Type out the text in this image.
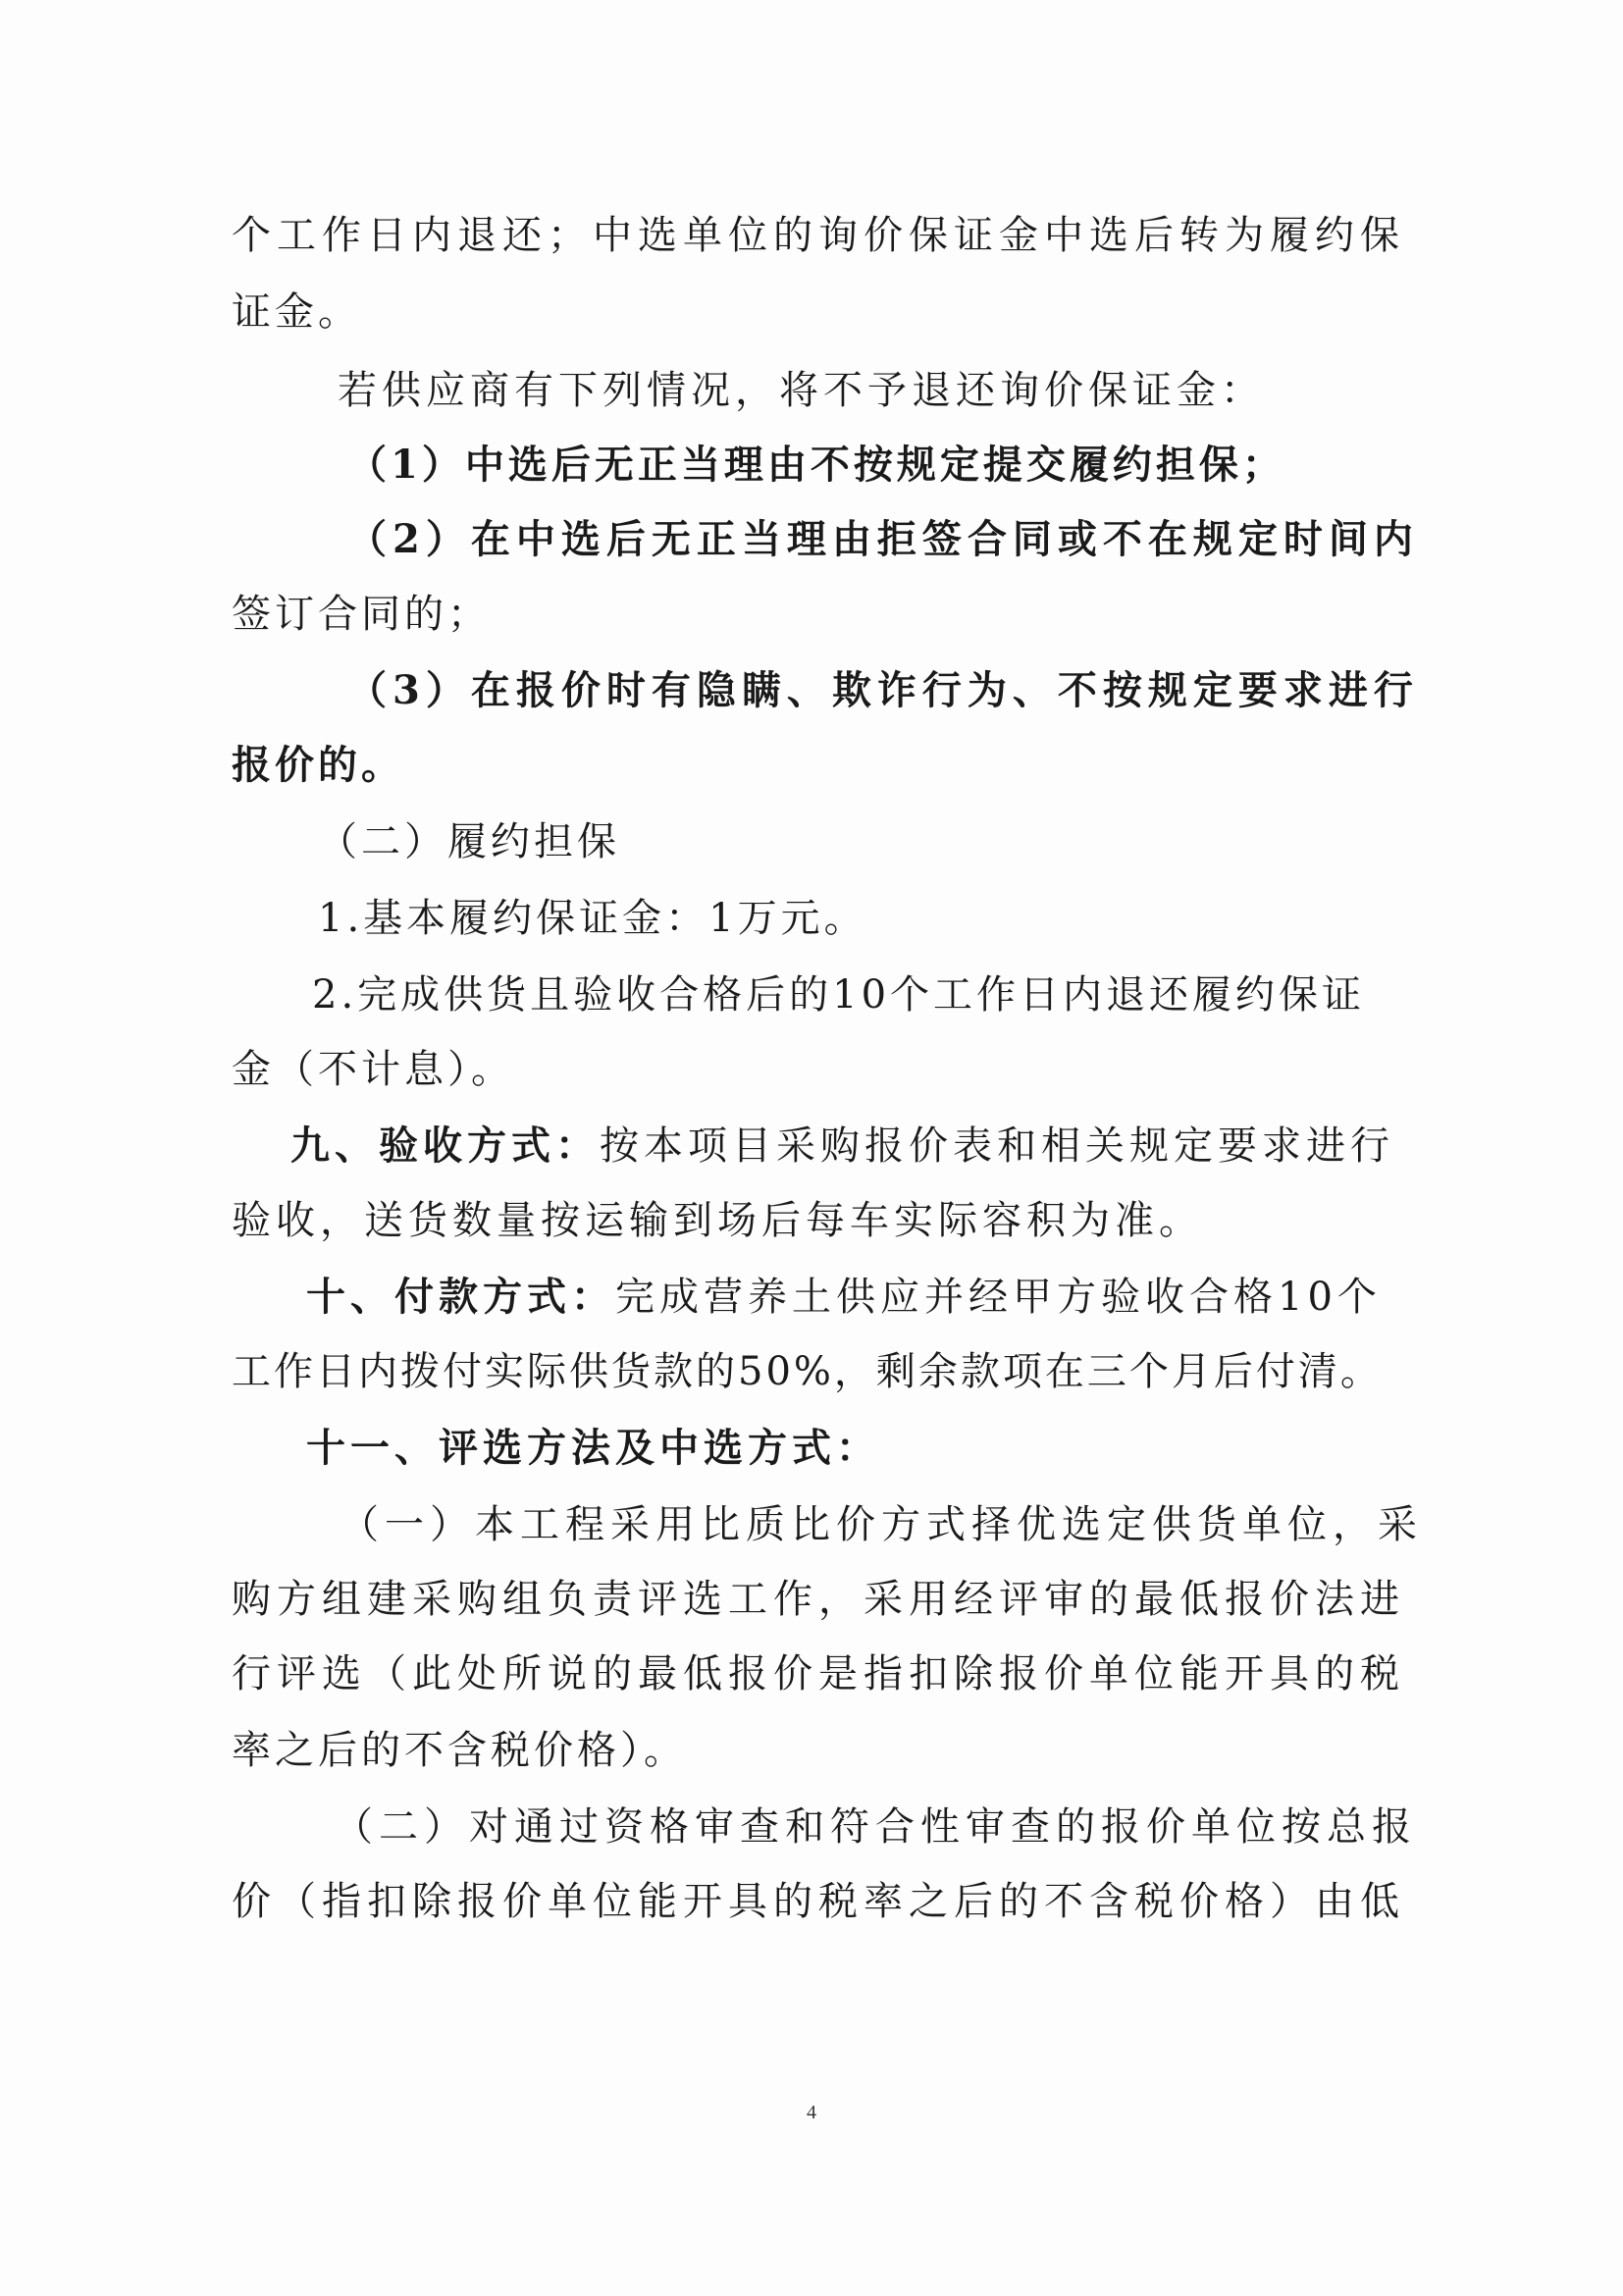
个工作日内退还；中选单位的询价保证金中选后转为履约保
证金。
若供应商有下列情况，将不予退还询价保证金：
（1）中选后无正当理由不按规定提交履约担保；
（2）在中选后无正当理由拒签合同或不在规定时间内
签订合同的；
（3）在报价时有隐瞒、欺诈行为、不按规定要求进行
报价的。
（二）履约担保
1.基本履约保证金：1万元。
2.完成供货且验收合格后的10个工作日内退还履约保证
金（不计息）。
九、验收方式：按本项目采购报价表和相关规定要求进行
验收，送货数量按运输到场后每车实际容积为准。
十、付款方式：完成营养土供应并经甲方验收合格10个
工作日内拨付实际供货款的50%，剩余款项在三个月后付清。
十一、评选方法及中选方式：
（一）本工程采用比质比价方式择优选定供货单位，采
购方组建采购组负责评选工作，采用经评审的最低报价法进
行评选（此处所说的最低报价是指扣除报价单位能开具的税
率之后的不含税价格）。
（二）对通过资格审查和符合性审查的报价单位按总报
价（指扣除报价单位能开具的税率之后的不含税价格）由低
4
